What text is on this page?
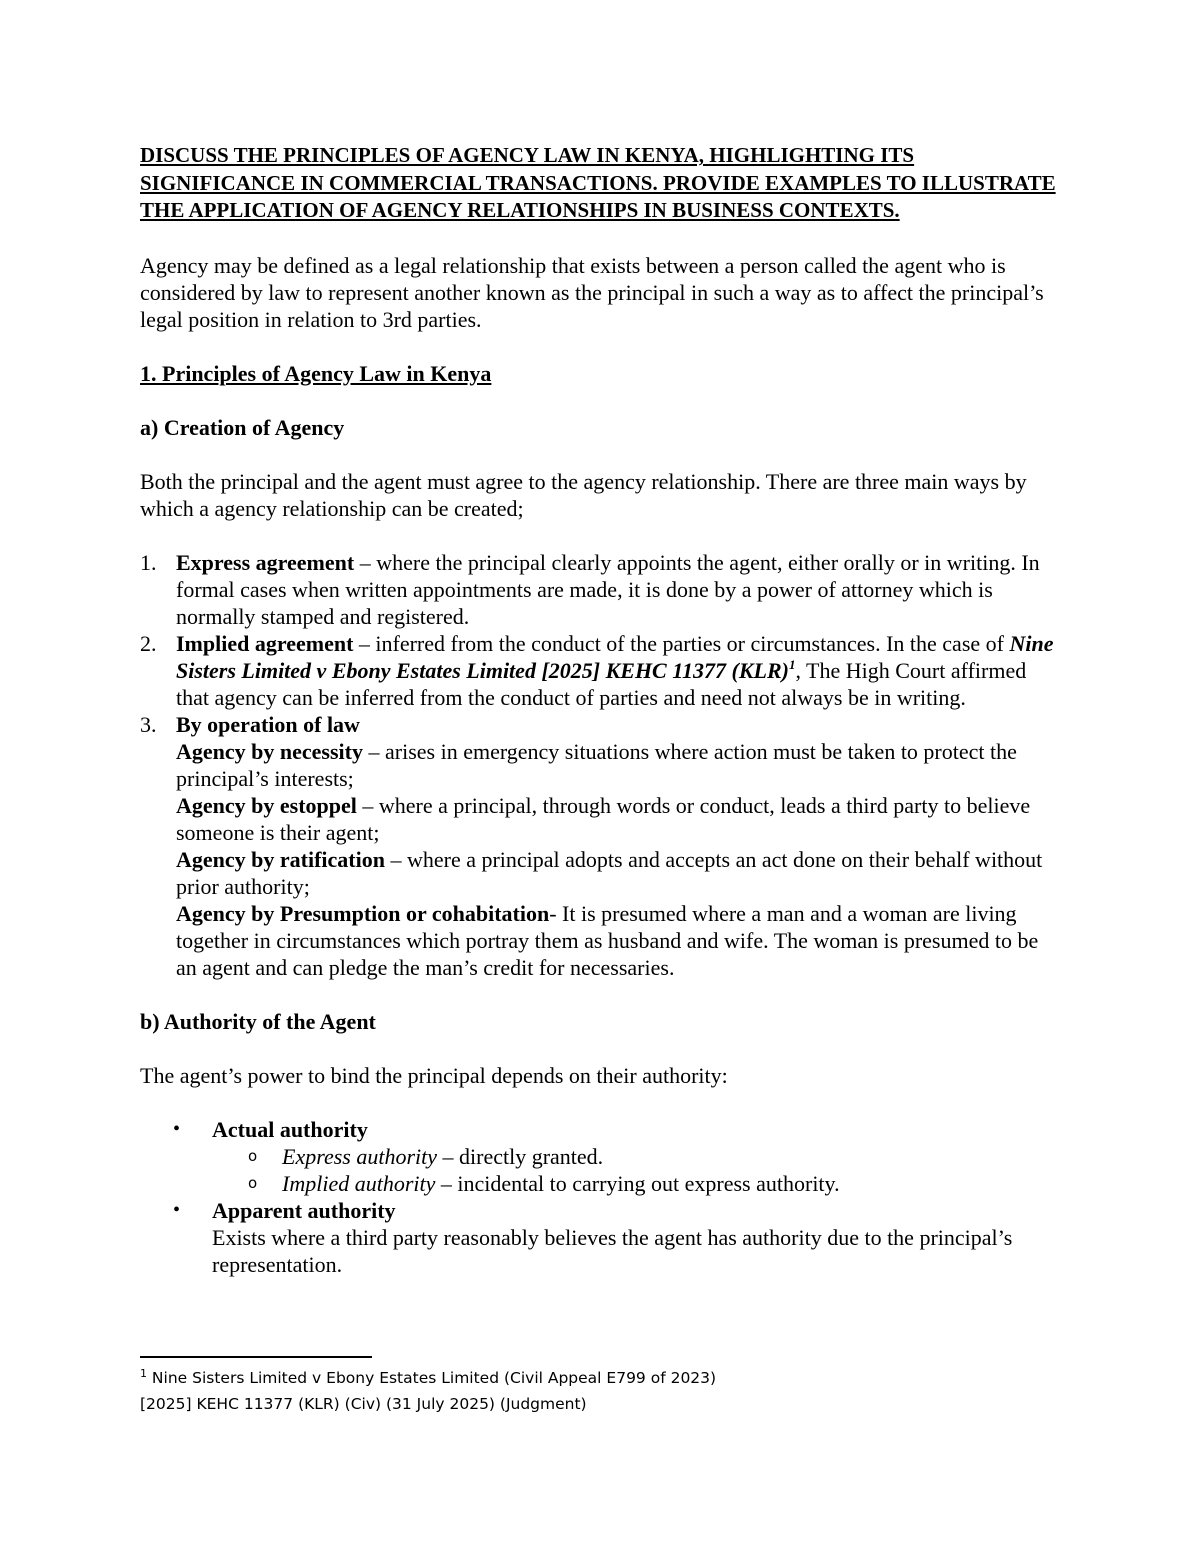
DISCUSS THE PRINCIPLES OF AGENCY LAW IN KENYA, HIGHLIGHTING ITS SIGNIFICANCE IN COMMERCIAL TRANSACTIONS. PROVIDE EXAMPLES TO ILLUSTRATE THE APPLICATION OF AGENCY RELATIONSHIPS IN BUSINESS CONTEXTS.

Agency may be defined as a legal relationship that exists between a person called the agent who is considered by law to represent another known as the principal in such a way as to affect the principal’s legal position in relation to 3rd parties.

1. Principles of Agency Law in Kenya

a) Creation of Agency

Both the principal and the agent must agree to the agency relationship. There are three main ways by which a agency relationship can be created;

1. Express agreement – where the principal clearly appoints the agent, either orally or in writing. In formal cases when written appointments are made, it is done by a power of attorney which is normally stamped and registered.
2. Implied agreement – inferred from the conduct of the parties or circumstances. In the case of Nine Sisters Limited v Ebony Estates Limited [2025] KEHC 11377 (KLR)$^1$, The High Court affirmed that agency can be inferred from the conduct of parties and need not always be in writing.
3. By operation of law
Agency by necessity – arises in emergency situations where action must be taken to protect the principal’s interests;
Agency by estoppel – where a principal, through words or conduct, leads a third party to believe someone is their agent;
Agency by ratification – where a principal adopts and accepts an act done on their behalf without prior authority;
Agency by Presumption or cohabitation- It is presumed where a man and a woman are living together in circumstances which portray them as husband and wife. The woman is presumed to be an agent and can pledge the man’s credit for necessaries.

b) Authority of the Agent

The agent’s power to bind the principal depends on their authority:

• Actual authority
o Express authority – directly granted.
o Implied authority – incidental to carrying out express authority.
• Apparent authority
Exists where a third party reasonably believes the agent has authority due to the principal’s representation.
$^1$ Nine Sisters Limited v Ebony Estates Limited (Civil Appeal E799 of 2023)
[2025] KEHC 11377 (KLR) (Civ) (31 July 2025) (Judgment)
